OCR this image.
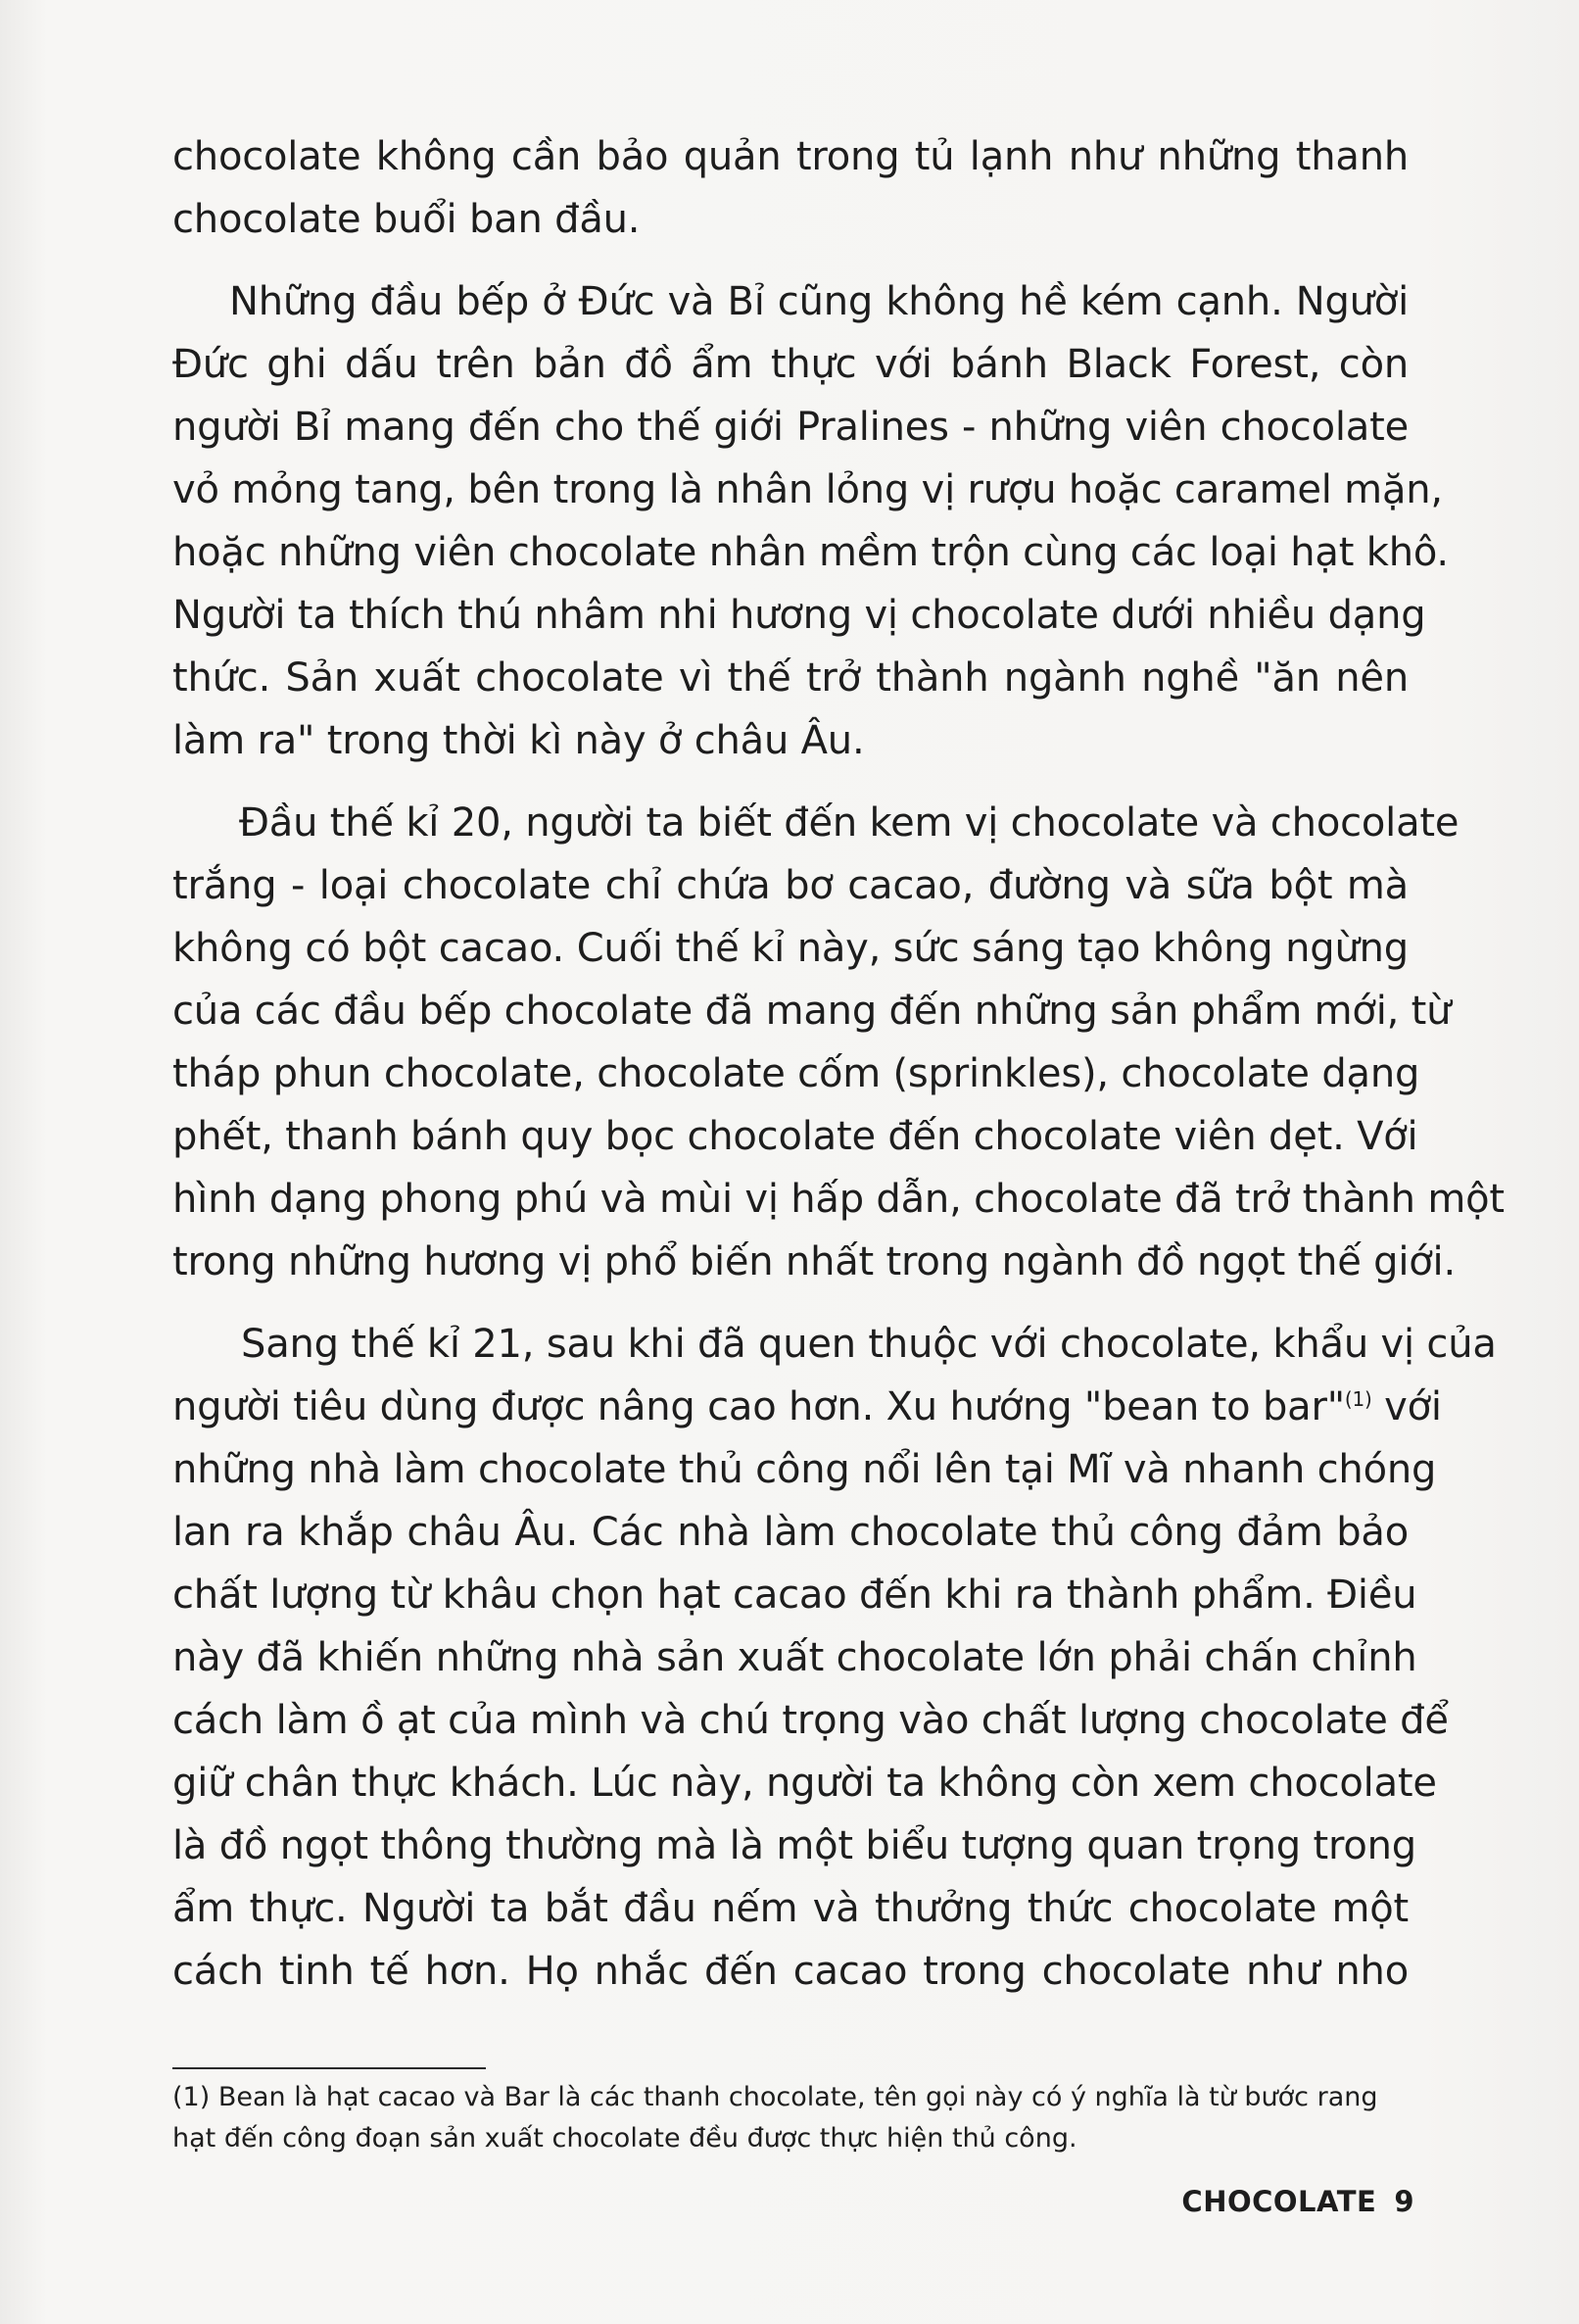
chocolate không cần bảo quản trong tủ lạnh như những thanh
chocolate buổi ban đầu.
Những đầu bếp ở Đức và Bỉ cũng không hề kém cạnh. Người
Đức ghi dấu trên bản đồ ẩm thực với bánh Black Forest, còn
người Bỉ mang đến cho thế giới Pralines - những viên chocolate
vỏ mỏng tang, bên trong là nhân lỏng vị rượu hoặc caramel mặn,
hoặc những viên chocolate nhân mềm trộn cùng các loại hạt khô.
Người ta thích thú nhâm nhi hương vị chocolate dưới nhiều dạng
thức. Sản xuất chocolate vì thế trở thành ngành nghề "ăn nên
làm ra" trong thời kì này ở châu Âu.
Đầu thế kỉ 20, người ta biết đến kem vị chocolate và chocolate
trắng - loại chocolate chỉ chứa bơ cacao, đường và sữa bột mà
không có bột cacao. Cuối thế kỉ này, sức sáng tạo không ngừng
của các đầu bếp chocolate đã mang đến những sản phẩm mới, từ
tháp phun chocolate, chocolate cốm (sprinkles), chocolate dạng
phết, thanh bánh quy bọc chocolate đến chocolate viên dẹt. Với
hình dạng phong phú và mùi vị hấp dẫn, chocolate đã trở thành một
trong những hương vị phổ biến nhất trong ngành đồ ngọt thế giới.
Sang thế kỉ 21, sau khi đã quen thuộc với chocolate, khẩu vị của
người tiêu dùng được nâng cao hơn. Xu hướng "bean to bar"$^{(1)}$ với
những nhà làm chocolate thủ công nổi lên tại Mĩ và nhanh chóng
lan ra khắp châu Âu. Các nhà làm chocolate thủ công đảm bảo
chất lượng từ khâu chọn hạt cacao đến khi ra thành phẩm. Điều
này đã khiến những nhà sản xuất chocolate lớn phải chấn chỉnh
cách làm ồ ạt của mình và chú trọng vào chất lượng chocolate để
giữ chân thực khách. Lúc này, người ta không còn xem chocolate
là đồ ngọt thông thường mà là một biểu tượng quan trọng trong
ẩm thực. Người ta bắt đầu nếm và thưởng thức chocolate một
cách tinh tế hơn. Họ nhắc đến cacao trong chocolate như nho
(1) Bean là hạt cacao và Bar là các thanh chocolate, tên gọi này có ý nghĩa là từ bước rang
hạt đến công đoạn sản xuất chocolate đều được thực hiện thủ công.
CHOCOLATE 9
